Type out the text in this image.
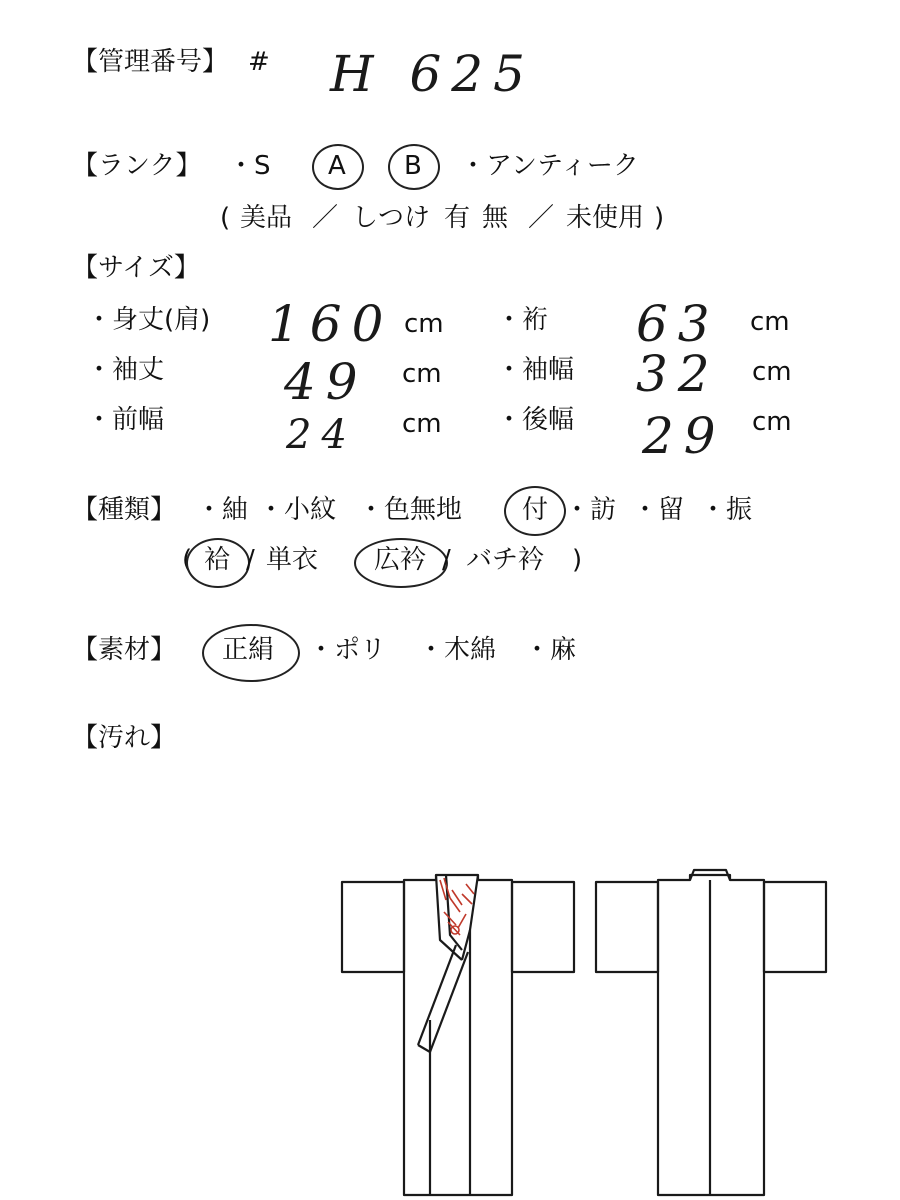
【管理番号】 # H 625
【ランク】 ・S A B ・アンティーク
( 美品 ／ しつけ 有 無 ／ 未使用 )
【サイズ】
・身丈(肩) 160 cm ・裄 63 cm
・袖丈 49 cm ・袖幅 32 cm
・前幅	24 cm ・後幅 29 cm
【種類】 ・紬 ・小紋 ・色無地 付 ・訪 ・留 ・振
( 袷 / 単衣 広衿 / バチ衿 )
【素材】 正絹 ・ポリ ・木綿 ・麻
【汚れ】
